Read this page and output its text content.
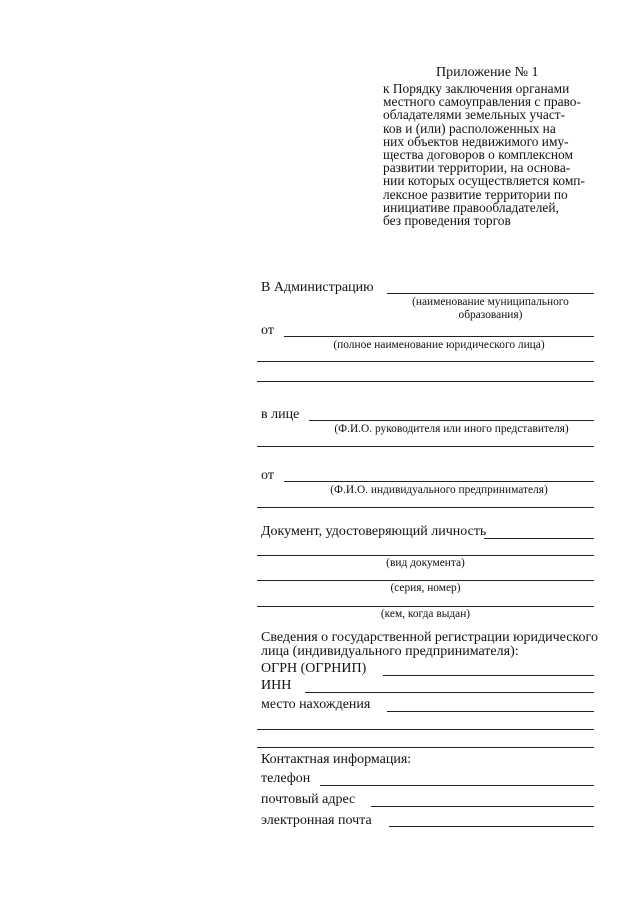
Приложение № 1
к Порядку заключения органами
местного самоуправления с право-
обладателями земельных участ-
ков и (или) расположенных на
них объектов недвижимого иму-
щества договоров о комплексном
развитии территории, на основа-
нии которых осуществляется комп-
лексное развитие территории по
инициативе правообладателей,
без проведения торгов
В Администрацию
(наименование муниципального
образования)
от
(полное наименование юридического лица)
в лице
(Ф.И.О. руководителя или иного представителя)
от
(Ф.И.О. индивидуального предпринимателя)
Документ, удостоверяющий личность
(вид документа)
(серия, номер)
(кем, когда выдан)
Сведения о государственной регистрации юридического
лица (индивидуального предпринимателя):
ОГРН (ОГРНИП)
ИНН
место нахождения
Контактная информация:
телефон
почтовый адрес
электронная почта
